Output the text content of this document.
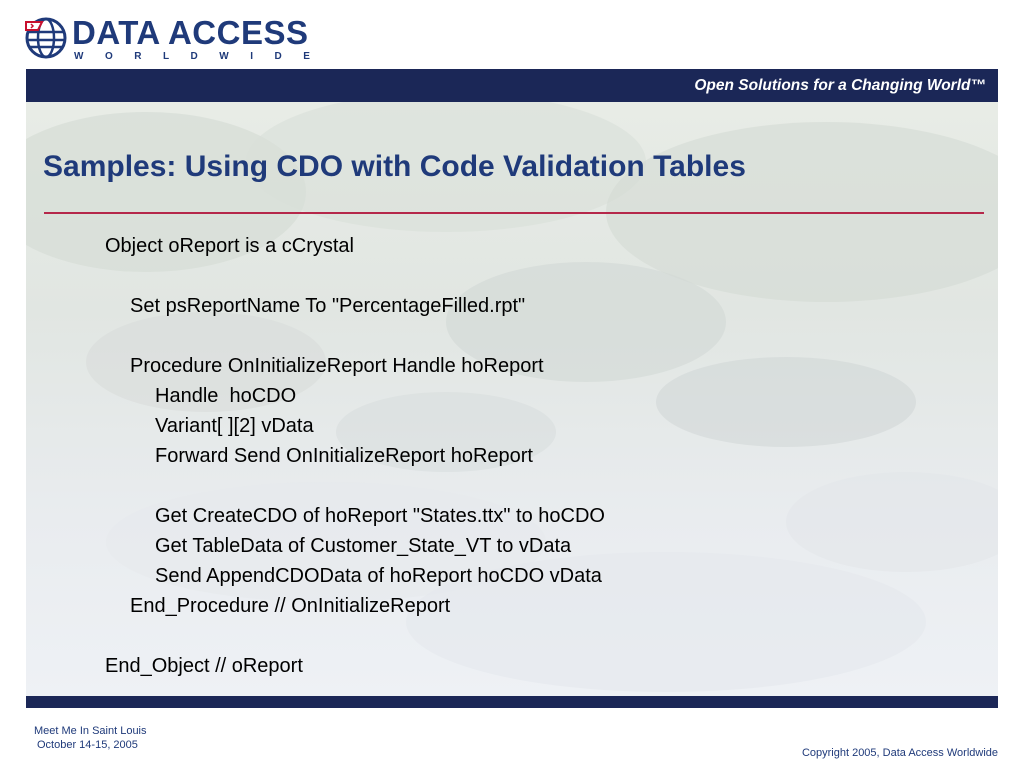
DATA ACCESS
WORLDWIDE
Open Solutions for a Changing World™
Samples: Using CDO with Code Validation Tables
Object oReport is a cCrystal
Set psReportName To "PercentageFilled.rpt"
Procedure OnInitializeReport Handle hoReport
Handle  hoCDO
Variant[ ][2] vData
Forward Send OnInitializeReport hoReport
Get CreateCDO of hoReport "States.ttx" to hoCDO
Get TableData of Customer_State_VT to vData
Send AppendCDOData of hoReport hoCDO vData
End_Procedure // OnInitializeReport
End_Object // oReport
Meet Me In Saint Louis
October 14-15, 2005
Copyright 2005, Data Access Worldwide
